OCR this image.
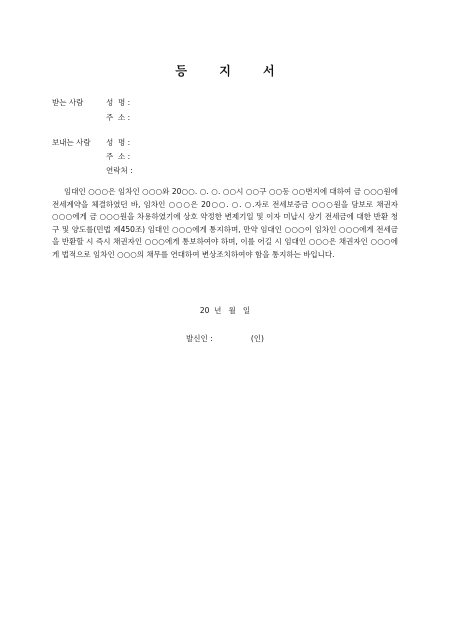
등 지 서
받는 사람	성  명 :
주  소 :
보내는 사람 성  명 :
주  소 :
연락처 :
임대인 ○○○은 임차인 ○○○와 20○○. ○. ○. ○○시 ○○구 ○○동 ○○번지에 대하여 금 ○○○원에 전세계약을 체결하였던 바, 임차인 ○○○은 20○○. ○. ○.자로 전세보증금 ○○○원을 담보로 채권자 ○○○에게 금 ○○○원을 차용하였기에 상호 약정한 변제기일 및 이자 미납시 상기 전세금에 대한 반환 청구 및 양도를(민법 제450조) 임대인 ○○○에게 통지하며, 만약 임대인 ○○○이 임차인 ○○○에게 전세금을 반환할 시 즉시 채권자인 ○○○에게 통보하여야 하며, 이를 어길 시 임대인 ○○○은 채권자인 ○○○에게 법적으로 임차인 ○○○의 채무를 연대하여 변상조치하여야 함을 통지하는 바입니다.
20  년   월   일
발신인 :                (인)
